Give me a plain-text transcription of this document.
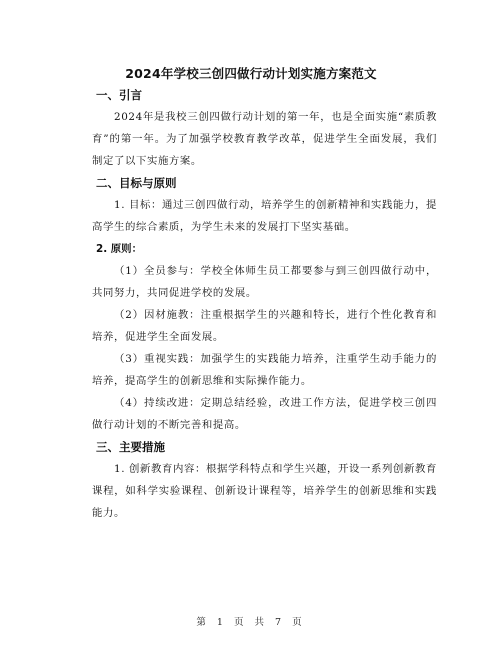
2024年学校三创四做行动计划实施方案范文

一、引言

2024年是我校三创四做行动计划的第一年，也是全面实施“素质教育”的第一年。为了加强学校教育教学改革，促进学生全面发展，我们制定了以下实施方案。

二、目标与原则

1. 目标：通过三创四做行动，培养学生的创新精神和实践能力，提高学生的综合素质，为学生未来的发展打下坚实基础。

2. 原则：

（1）全员参与：学校全体师生员工都要参与到三创四做行动中，共同努力，共同促进学校的发展。

（2）因材施教：注重根据学生的兴趣和特长，进行个性化教育和培养，促进学生全面发展。

（3）重视实践：加强学生的实践能力培养，注重学生动手能力的培养，提高学生的创新思维和实际操作能力。

（4）持续改进：定期总结经验，改进工作方法，促进学校三创四做行动计划的不断完善和提高。

三、主要措施

1. 创新教育内容：根据学科特点和学生兴趣，开设一系列创新教育课程，如科学实验课程、创新设计课程等，培养学生的创新思维和实践能力。

第 1 页 共 7 页
